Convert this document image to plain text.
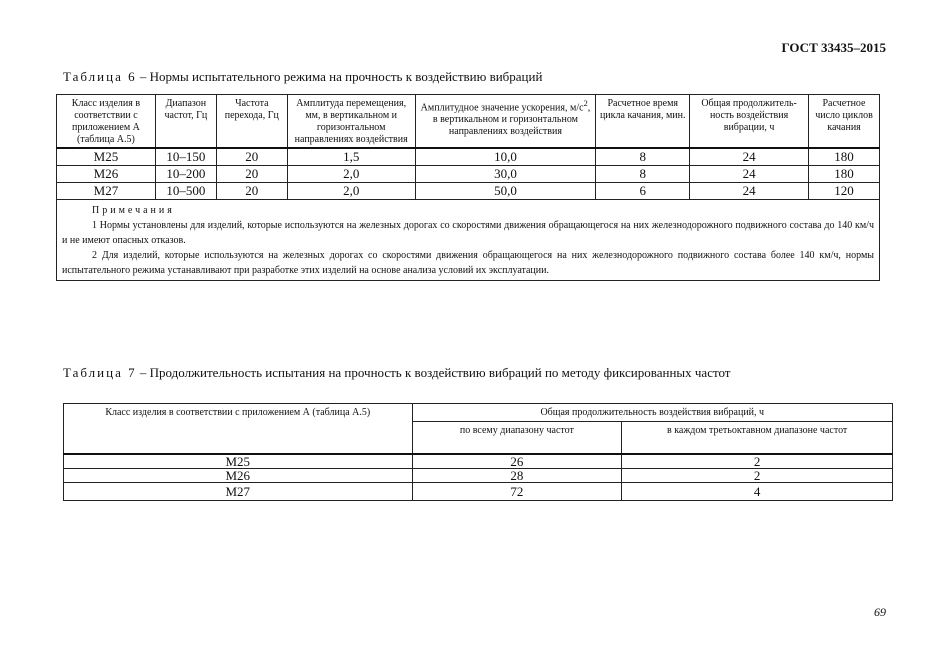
ГОСТ 33435–2015
Таблица 6 – Нормы испытательного режима на прочность к воздействию вибраций
Класс изделия в соответствии с приложением А (таблица А.5)	Диапазон частот, Гц	Частота перехода, Гц	Амплитуда перемещения, мм, в вертикальном и горизонтальном направлениях воздействия	Амплитудное значение ускорения, $м/с^2$, в вертикальном и горизонтальном направлениях воздействия	Расчетное время цикла качания, мин.	Общая продолжитель-ность воздействия вибрации, ч	Расчетное число циклов качания
М25	10–150	20	1,5	10,0	8	24	180
М26	10–200	20	2,0	30,0	8	24	180
М27	10–500	20	2,0	50,0	6	24	120

Примечания

1 Нормы установлены для изделий, которые используются на железных дорогах со скоростями движения обращающегося на них железнодорожного подвижного состава до 140 км/ч и не имеют опасных отказов.

2 Для изделий, которые используются на железных дорогах со скоростями движения обращающегося на них железнодорожного подвижного состава более 140 км/ч, нормы испытательного режима устанавливают при разработке этих изделий на основе анализа условий их эксплуатации.							

Таблица 7 – Продолжительность испытания на прочность к воздействию вибраций по методу фиксированных частот
Класс изделия в соответствии с приложением А (таблица А.5)	Общая продолжительность воздействия вибраций, ч	
	по всему диапазону частот	в каждом третьоктавном диапазоне частот
М25	26	2
М26	28	2
М27	72	4
69
